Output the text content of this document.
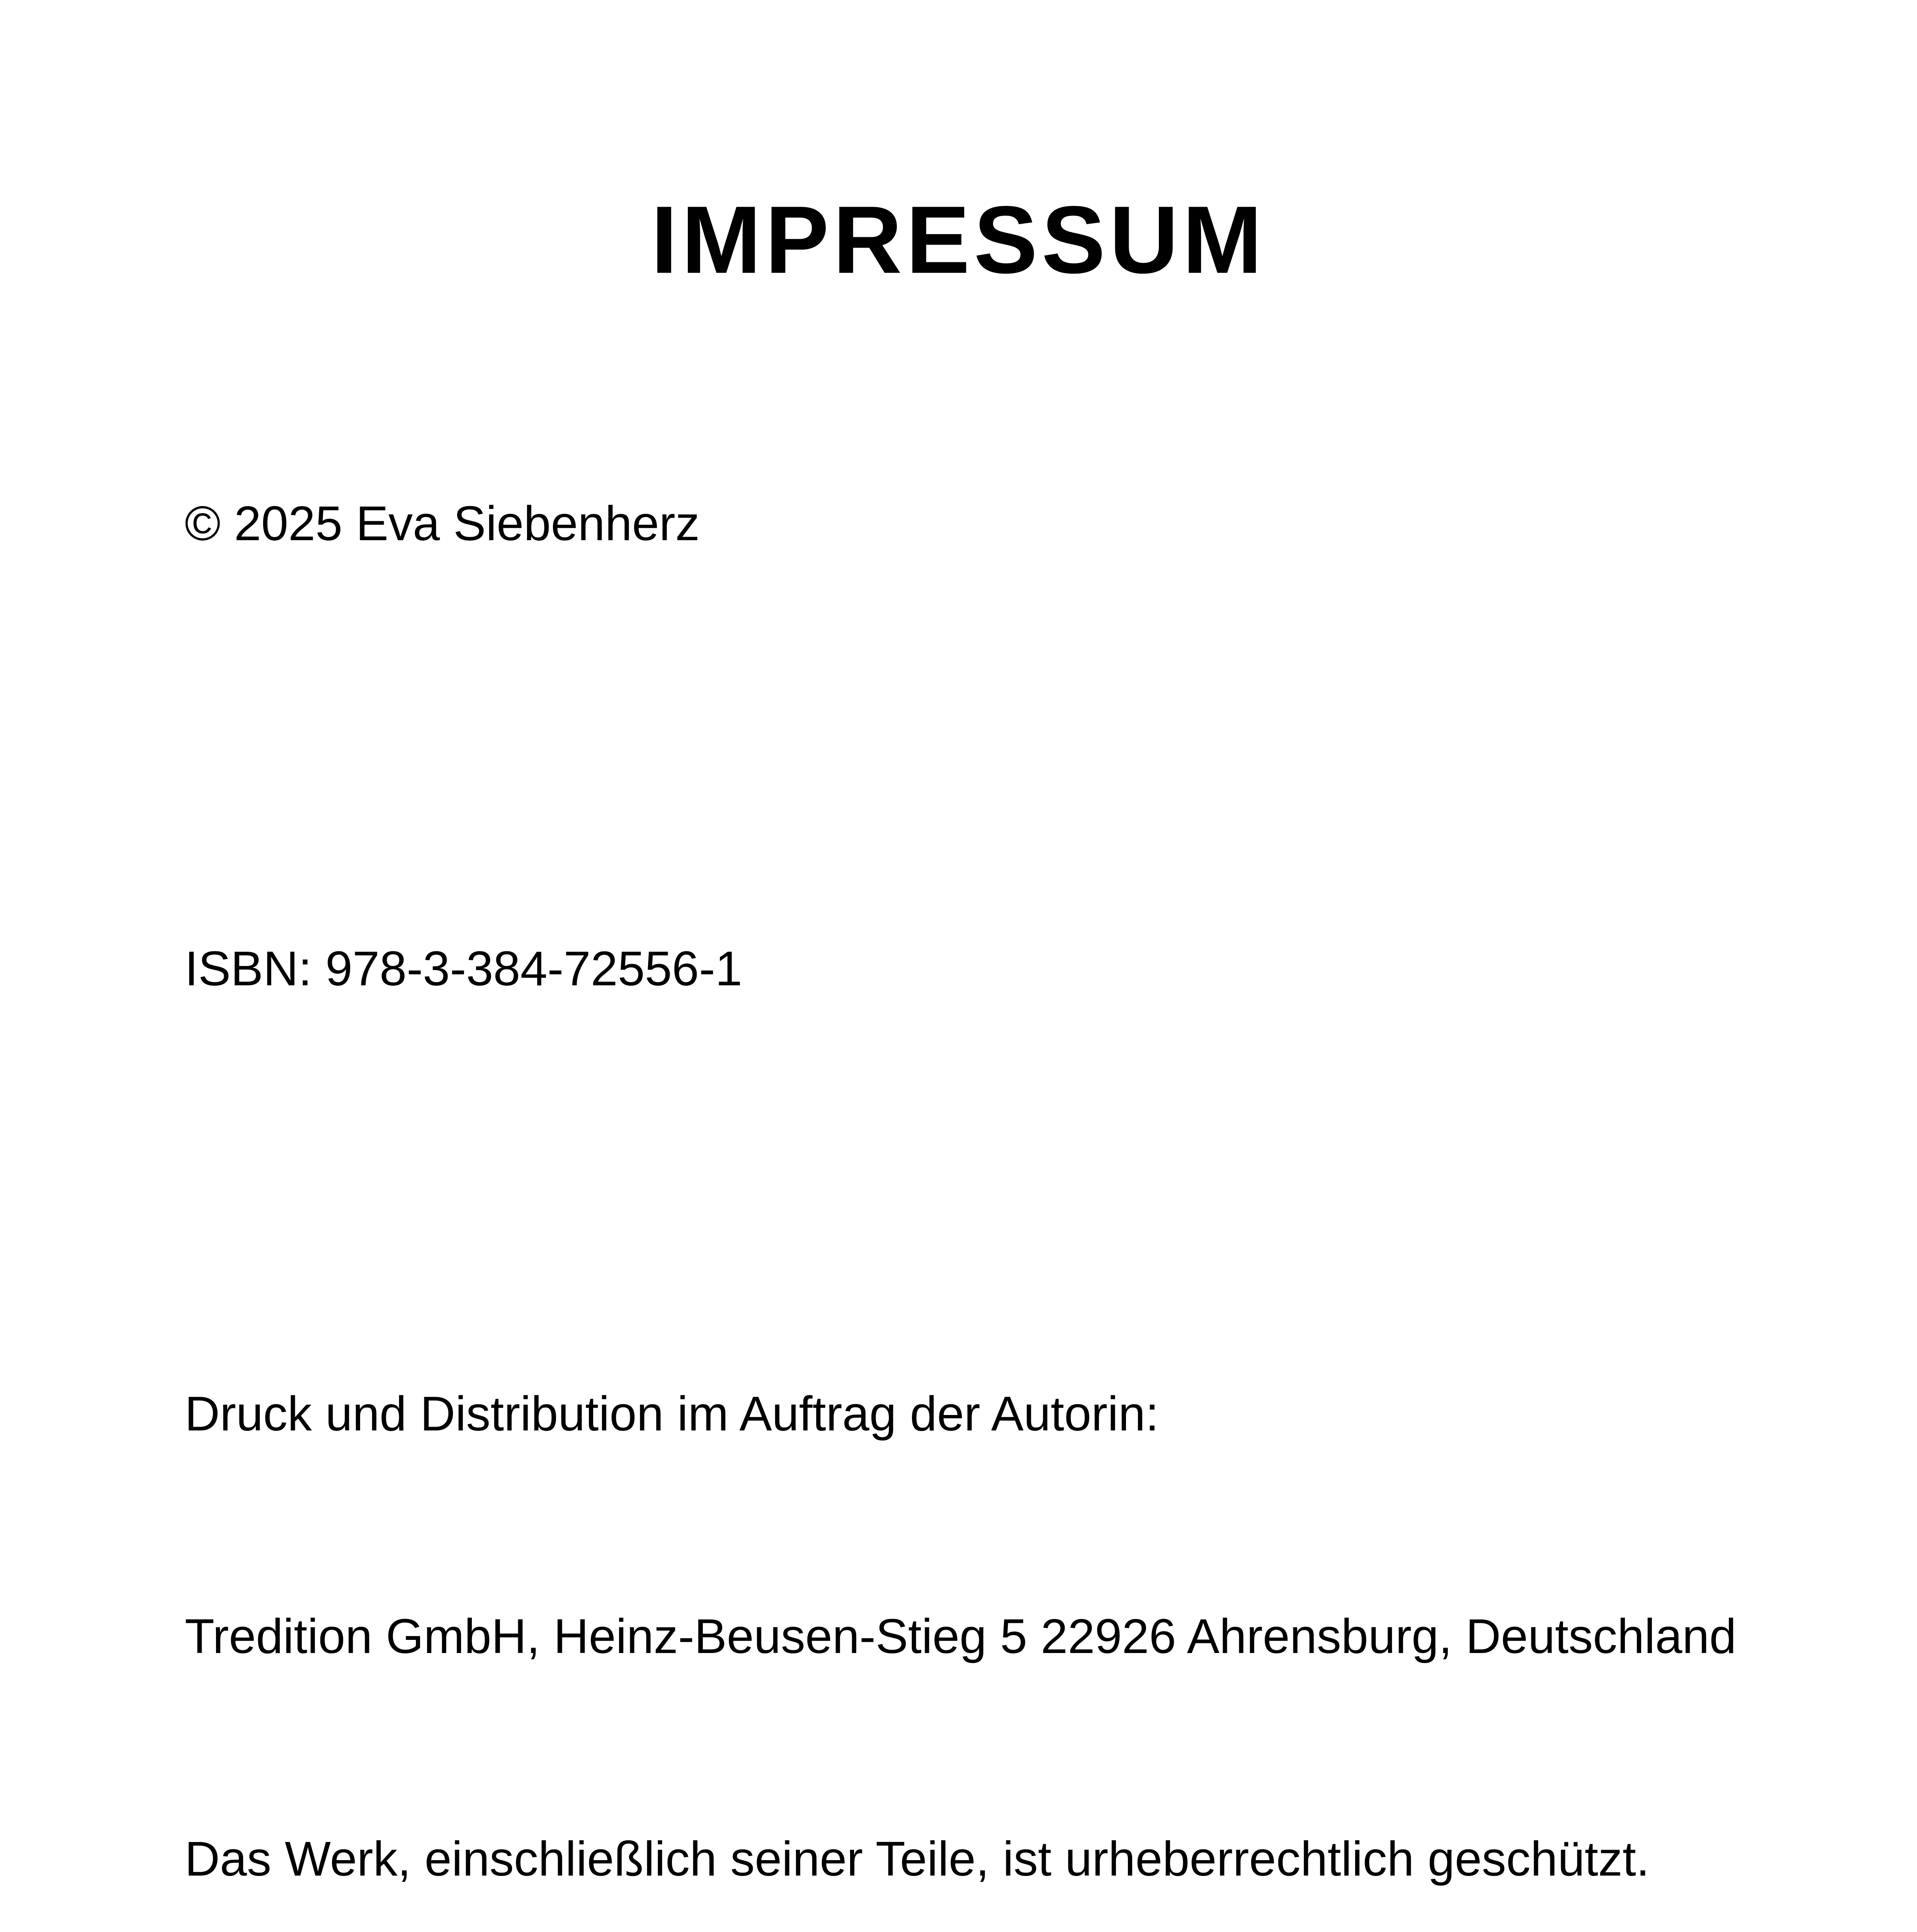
IMPRESSUM

© 2025 Eva Siebenherz

ISBN: 978-3-384-72556-1

Druck und Distribution im Auftrag der Autorin:

Tredition GmbH, Heinz-Beusen-Stieg 5 22926 Ahrensburg, Deutschland

Das Werk, einschließlich seiner Teile, ist urheberrechtlich geschützt.
